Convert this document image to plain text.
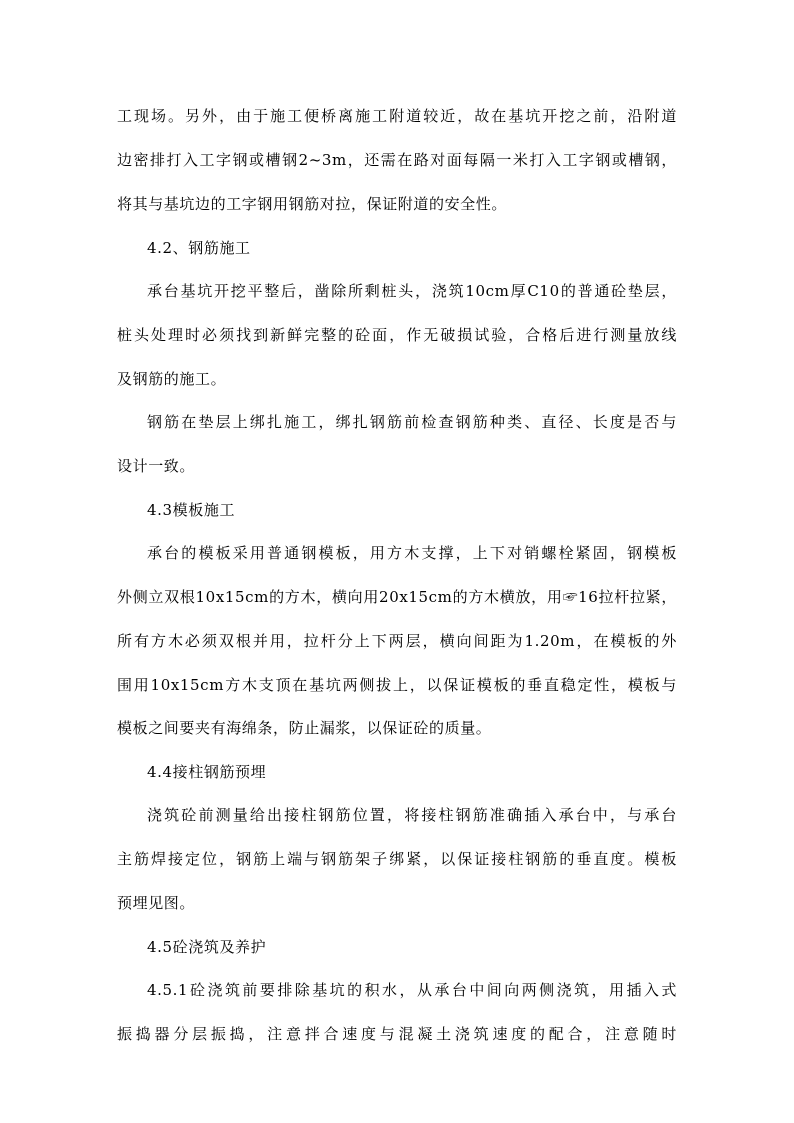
工现场。另外，由于施工便桥离施工附道较近，故在基坑开挖之前，沿附道
边密排打入工字钢或槽钢2~3m，还需在路对面每隔一米打入工字钢或槽钢，
将其与基坑边的工字钢用钢筋对拉，保证附道的安全性。
4.2、钢筋施工
承台基坑开挖平整后，凿除所剩桩头，浇筑10cm厚C10的普通砼垫层，
桩头处理时必须找到新鲜完整的砼面，作无破损试验，合格后进行测量放线
及钢筋的施工。
钢筋在垫层上绑扎施工，绑扎钢筋前检查钢筋种类、直径、长度是否与
设计一致。
4.3模板施工
承台的模板采用普通钢模板，用方木支撑，上下对销螺栓紧固，钢模板
外侧立双根10x15cm的方木，横向用20x15cm的方木横放，用☞16拉杆拉紧，
所有方木必须双根并用，拉杆分上下两层，横向间距为1.20m，在模板的外
围用10x15cm方木支顶在基坑两侧拔上，以保证模板的垂直稳定性，模板与
模板之间要夹有海绵条，防止漏浆，以保证砼的质量。
4.4接柱钢筋预埋
浇筑砼前测量给出接柱钢筋位置，将接柱钢筋准确插入承台中，与承台
主筋焊接定位，钢筋上端与钢筋架子绑紧，以保证接柱钢筋的垂直度。模板
预埋见图。
4.5砼浇筑及养护
4.5.1砼浇筑前要排除基坑的积水，从承台中间向两侧浇筑，用插入式
振捣器分层振捣，注意拌合速度与混凝土浇筑速度的配合，注意随时
